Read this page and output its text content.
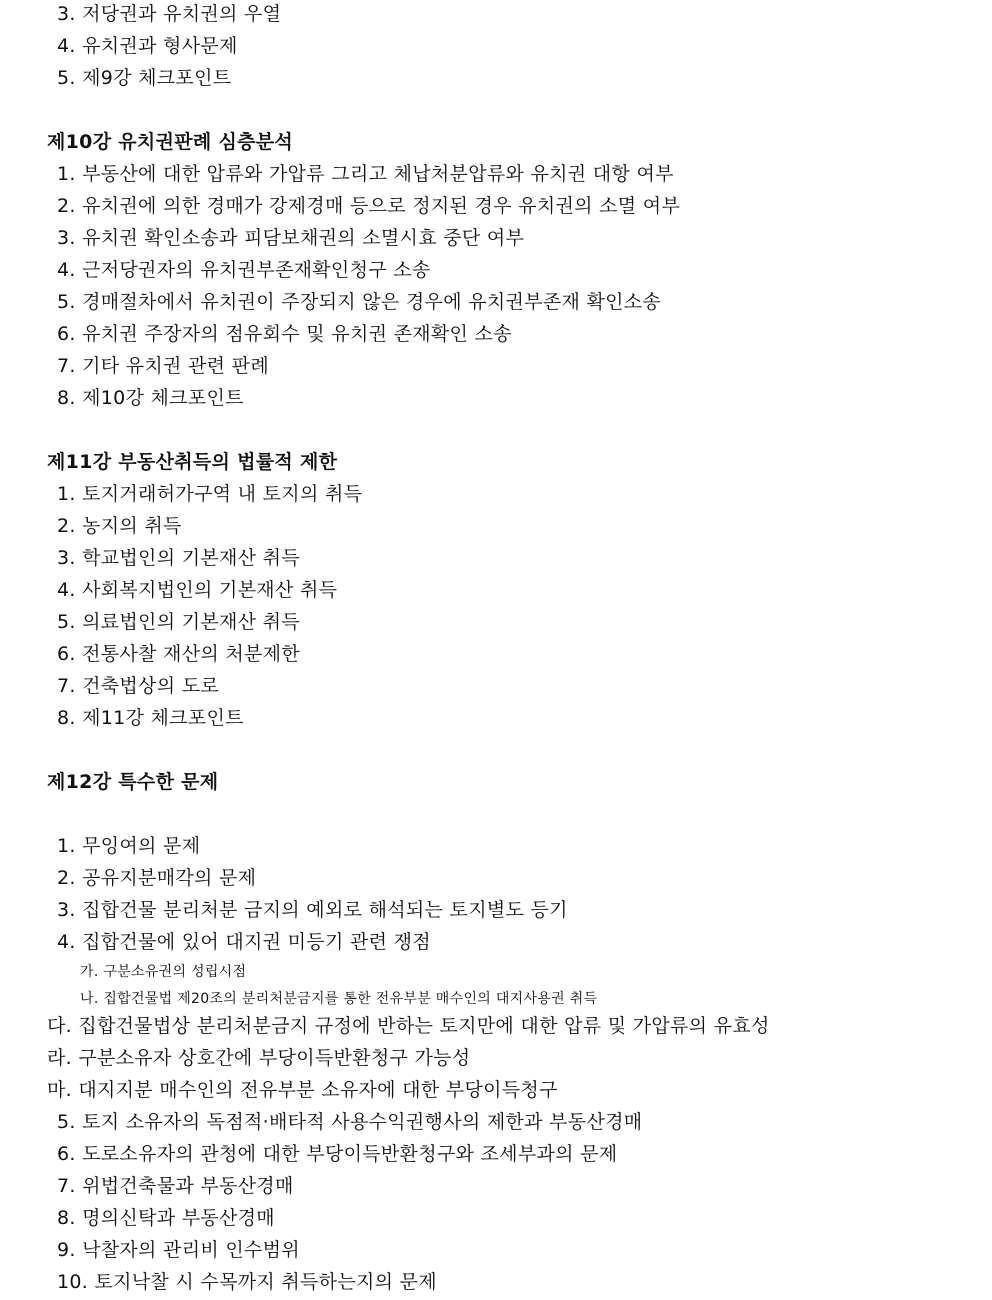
3. 저당권과 유치권의 우열
4. 유치권과 형사문제
5. 제9강 체크포인트
제10강 유치권판례 심층분석
1. 부동산에 대한 압류와 가압류 그리고 체납처분압류와 유치권 대항 여부
2. 유치권에 의한 경매가 강제경매 등으로 정지된 경우 유치권의 소멸 여부
3. 유치권 확인소송과 피담보채권의 소멸시효 중단 여부
4. 근저당권자의 유치권부존재확인청구 소송
5. 경매절차에서 유치권이 주장되지 않은 경우에 유치권부존재 확인소송
6. 유치권 주장자의 점유회수 및 유치권 존재확인 소송
7. 기타 유치권 관련 판례
8. 제10강 체크포인트
제11강 부동산취득의 법률적 제한
1. 토지거래허가구역 내 토지의 취득
2. 농지의 취득
3. 학교법인의 기본재산 취득
4. 사회복지법인의 기본재산 취득
5. 의료법인의 기본재산 취득
6. 전통사찰 재산의 처분제한
7. 건축법상의 도로
8. 제11강 체크포인트
제12강 특수한 문제
1. 무잉여의 문제
2. 공유지분매각의 문제
3. 집합건물 분리처분 금지의 예외로 해석되는 토지별도 등기
4. 집합건물에 있어 대지권 미등기 관련 쟁점
가. 구분소유권의 성립시점
나. 집합건물법 제20조의 분리처분금지를 통한 전유부분 매수인의 대지사용권 취득
다. 집합건물법상 분리처분금지 규정에 반하는 토지만에 대한 압류 및 가압류의 유효성
라. 구분소유자 상호간에 부당이득반환청구 가능성
마. 대지지분 매수인의 전유부분 소유자에 대한 부당이득청구
5. 토지 소유자의 독점적·배타적 사용수익권행사의 제한과 부동산경매
6. 도로소유자의 관청에 대한 부당이득반환청구와 조세부과의 문제
7. 위법건축물과 부동산경매
8. 명의신탁과 부동산경매
9. 낙찰자의 관리비 인수범위
10. 토지낙찰 시 수목까지 취득하는지의 문제
